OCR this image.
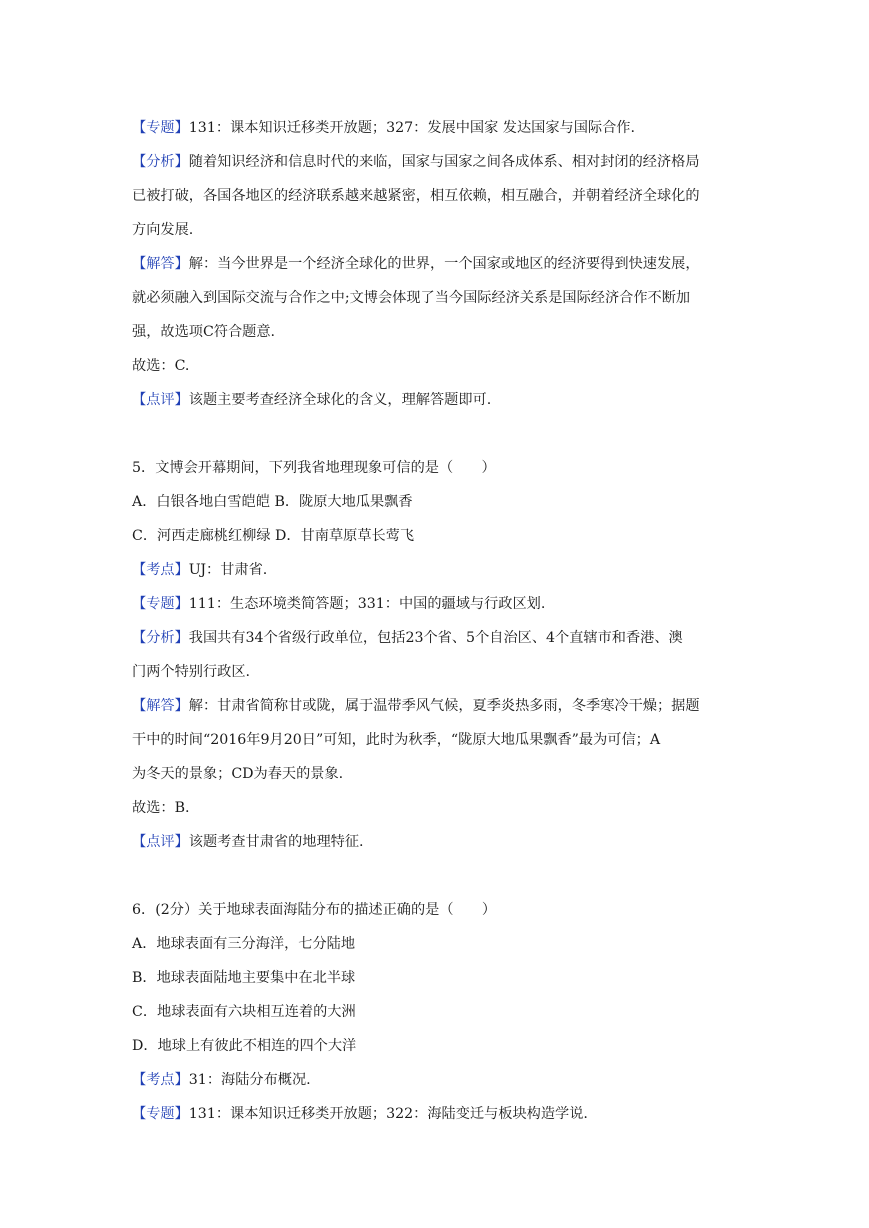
【专题】131：课本知识迁移类开放题；327：发展中国家 发达国家与国际合作.
【分析】随着知识经济和信息时代的来临，国家与国家之间各成体系、相对封闭的经济格局
已被打破，各国各地区的经济联系越来越紧密，相互依赖，相互融合，并朝着经济全球化的
方向发展.
【解答】解：当今世界是一个经济全球化的世界，一个国家或地区的经济要得到快速发展，
就必须融入到国际交流与合作之中;文博会体现了当今国际经济关系是国际经济合作不断加
强，故选项C符合题意.
故选：C.
【点评】该题主要考查经济全球化的含义，理解答题即可.
5．文博会开幕期间，下列我省地理现象可信的是（　　）
A．白银各地白雪皑皑 B．陇原大地瓜果飘香
C．河西走廊桃红柳绿 D．甘南草原草长莺飞
【考点】UJ：甘肃省.
【专题】111：生态环境类简答题；331：中国的疆域与行政区划.
【分析】我国共有34个省级行政单位，包括23个省、5个自治区、4个直辖市和香港、澳
门两个特别行政区.
【解答】解：甘肃省简称甘或陇，属于温带季风气候，夏季炎热多雨，冬季寒冷干燥；据题
干中的时间“2016年9月20日”可知，此时为秋季，“陇原大地瓜果飘香”最为可信；A
为冬天的景象；CD为春天的景象.
故选：B.
【点评】该题考查甘肃省的地理特征.
6．(2分）关于地球表面海陆分布的描述正确的是（　　）
A．地球表面有三分海洋，七分陆地
B．地球表面陆地主要集中在北半球
C．地球表面有六块相互连着的大洲
D．地球上有彼此不相连的四个大洋
【考点】31：海陆分布概况.
【专题】131：课本知识迁移类开放题；322：海陆变迁与板块构造学说.
